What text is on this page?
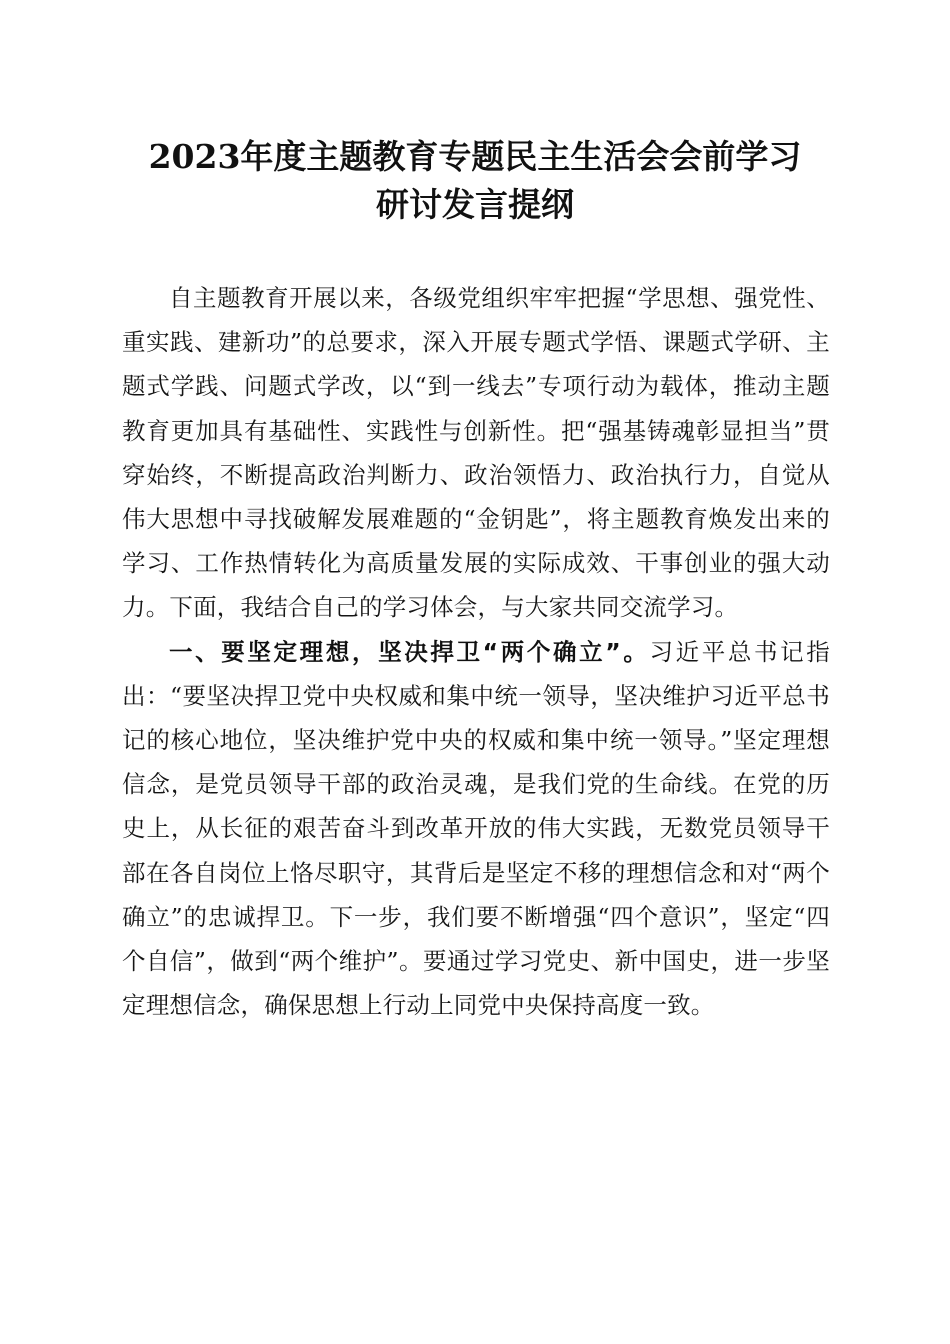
2023年度主题教育专题民主生活会会前学习
研讨发言提纲

自主题教育开展以来，各级党组织牢牢把握“学思想、强党性、重实践、建新功”的总要求，深入开展专题式学悟、课题式学研、主题式学践、问题式学改，以“到一线去”专项行动为载体，推动主题教育更加具有基础性、实践性与创新性。把“强基铸魂彰显担当”贯穿始终，不断提高政治判断力、政治领悟力、政治执行力，自觉从伟大思想中寻找破解发展难题的“金钥匙”，将主题教育焕发出来的学习、工作热情转化为高质量发展的实际成效、干事创业的强大动力。下面，我结合自己的学习体会，与大家共同交流学习。

一、要坚定理想，坚决捍卫“两个确立”。习近平总书记指出：“要坚决捍卫党中央权威和集中统一领导，坚决维护习近平总书记的核心地位，坚决维护党中央的权威和集中统一领导。”坚定理想信念，是党员领导干部的政治灵魂，是我们党的生命线。在党的历史上，从长征的艰苦奋斗到改革开放的伟大实践，无数党员领导干部在各自岗位上恪尽职守，其背后是坚定不移的理想信念和对“两个确立”的忠诚捍卫。下一步，我们要不断增强“四个意识”，坚定“四个自信”，做到“两个维护”。要通过学习党史、新中国史，进一步坚定理想信念，确保思想上行动上同党中央保持高度一致。
